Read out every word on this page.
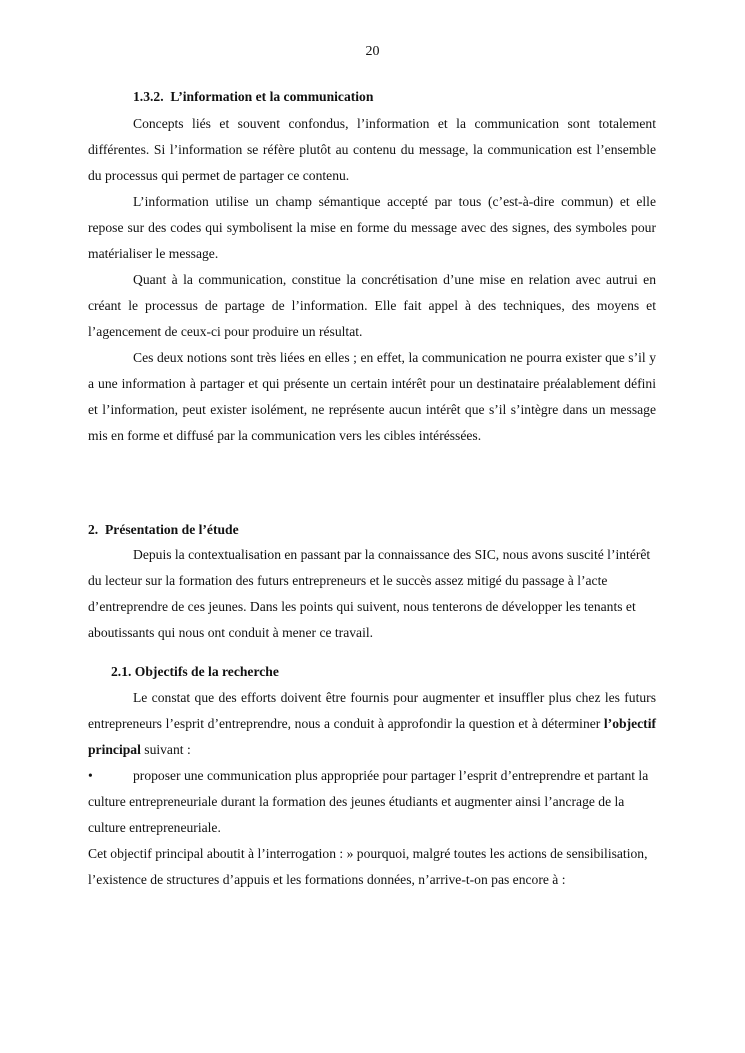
20
1.3.2. L’information et la communication

Concepts liés et souvent confondus, l’information et la communication sont totalement différentes. Si l’information se réfère plutôt au contenu du message, la communication est l’ensemble du processus qui permet de partager ce contenu.

L’information utilise un champ sémantique accepté par tous (c’est-à-dire commun) et elle repose sur des codes qui symbolisent la mise en forme du message avec des signes, des symboles pour matérialiser le message.

Quant à la communication, constitue la concrétisation d’une mise en relation avec autrui en créant le processus de partage de l’information. Elle fait appel à des techniques, des moyens et l’agencement de ceux-ci pour produire un résultat.

Ces deux notions sont très liées en elles ; en effet, la communication ne pourra exister que s’il y a une information à partager et qui présente un certain intérêt pour un destinataire préalablement défini et l’information, peut exister isolément, ne représente aucun intérêt que s’il s’intègre dans un message mis en forme et diffusé par la communication vers les cibles intéréssées.

2. Présentation de l’étude

Depuis la contextualisation en passant par la connaissance des SIC, nous avons suscité l’intérêt du lecteur sur la formation des futurs entrepreneurs et le succès assez mitigé du passage à l’acte d’entreprendre de ces jeunes. Dans les points qui suivent, nous tenterons de développer les tenants et aboutissants qui nous ont conduit à mener ce travail.

2.1. Objectifs de la recherche

Le constat que des efforts doivent être fournis pour augmenter et insuffler plus chez les futurs entrepreneurs l’esprit d’entreprendre, nous a conduit à approfondir la question et à déterminer l’objectif principal suivant :

•	proposer une communication plus appropriée pour partager l’esprit d’entreprendre et partant la culture entrepreneuriale durant la formation des jeunes étudiants et augmenter ainsi l’ancrage de la culture entrepreneuriale.

Cet objectif principal aboutit à l’interrogation : » pourquoi, malgré toutes les actions de sensibilisation, l’existence de structures d’appuis et les formations données, n’arrive-t-on pas encore à :
